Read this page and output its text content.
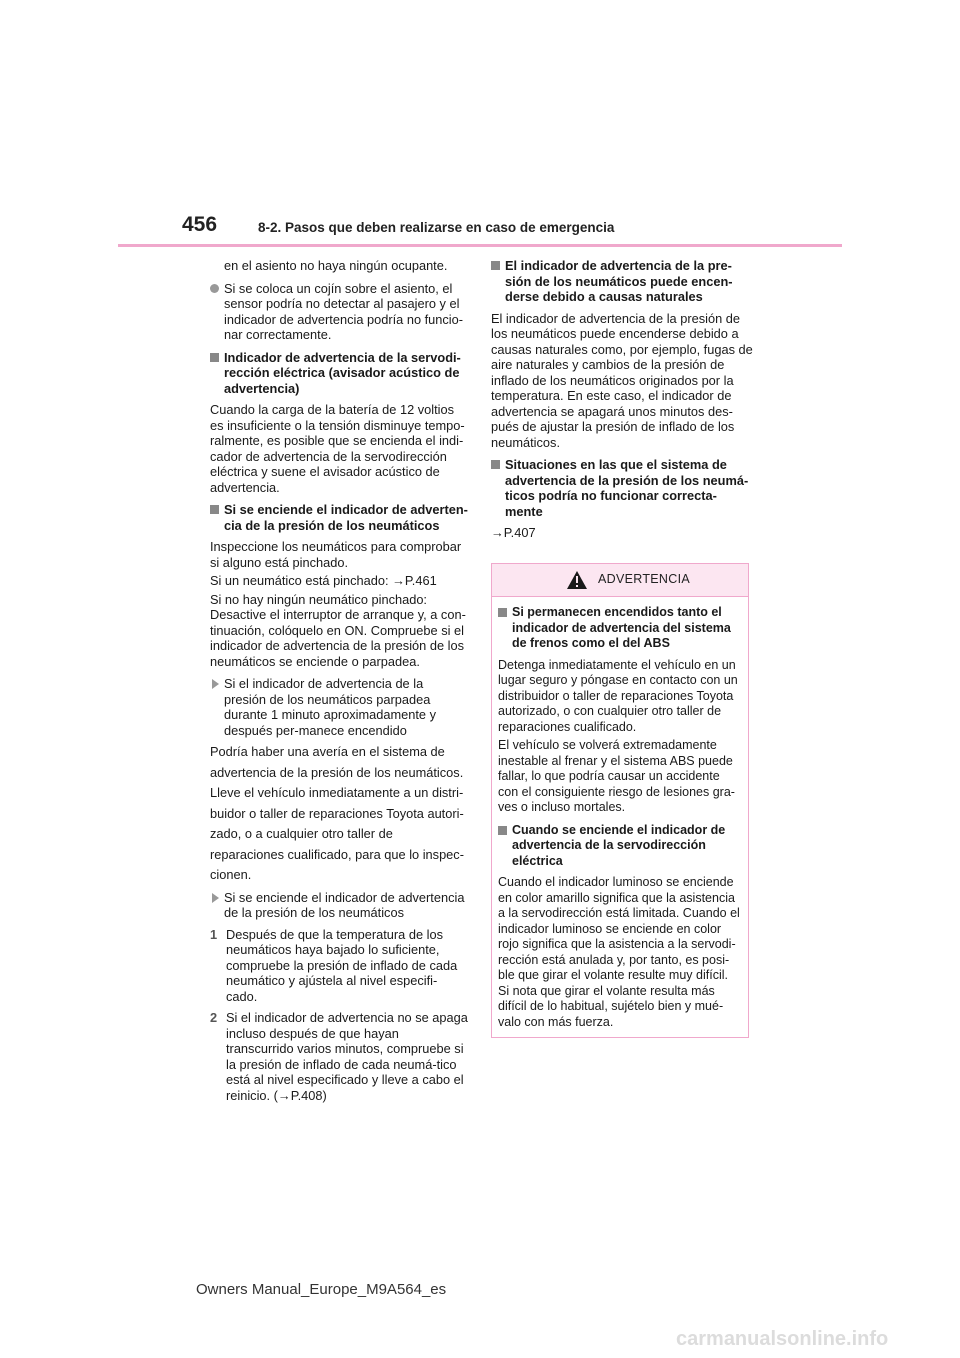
456	8-2. Pasos que deben realizarse en caso de emergencia

en el asiento no haya ningún ocupante.

Si se coloca un cojín sobre el asiento, el sensor podría no detectar al pasajero y el indicador de advertencia podría no funcio-nar correctamente.
Indicador de advertencia de la servodi-rección eléctrica (avisador acústico de advertencia)

Cuando la carga de la batería de 12 voltios es insuficiente o la tensión disminuye tempo-ralmente, es posible que se encienda el indi-cador de advertencia de la servodirección eléctrica y suene el avisador acústico de advertencia.

Si se enciende el indicador de adverten-cia de la presión de los neumáticos

Inspeccione los neumáticos para comprobar si alguno está pinchado.

Si un neumático está pinchado: →P.461

Si no hay ningún neumático pinchado: Desactive el interruptor de arranque y, a con-tinuación, colóquelo en ON. Compruebe si el indicador de advertencia de la presión de los neumáticos se enciende o parpadea.

Si el indicador de advertencia de la presión de los neumáticos parpadea durante 1 minuto aproximadamente y después per-manece encendido

Podría haber una avería en el sistema de

advertencia de la presión de los neumáticos.

Lleve el vehículo inmediatamente a un distri-

buidor o taller de reparaciones Toyota autori-

zado, o a cualquier otro taller de

reparaciones cualificado, para que lo inspec-

cionen.

Si se enciende el indicador de advertencia de la presión de los neumáticos
1 Después de que la temperatura de los neumáticos haya bajado lo suficiente, compruebe la presión de inflado de cada neumático y ajústela al nivel especifi-cado.
2 Si el indicador de advertencia no se apaga incluso después de que hayan transcurrido varios minutos, compruebe si la presión de inflado de cada neumá-tico está al nivel especificado y lleve a cabo el reinicio. (→P.408)
El indicador de advertencia de la pre-sión de los neumáticos puede encen-derse debido a causas naturales

El indicador de advertencia de la presión de los neumáticos puede encenderse debido a causas naturales como, por ejemplo, fugas de aire naturales y cambios de la presión de inflado de los neumáticos originados por la temperatura. En este caso, el indicador de advertencia se apagará unos minutos des-pués de ajustar la presión de inflado de los neumáticos.

Situaciones en las que el sistema de advertencia de la presión de los neumá-ticos podría no funcionar correcta-mente

→P.407

ADVERTENCIA
Si permanecen encendidos tanto el indicador de advertencia del sistema de frenos como el del ABS

Detenga inmediatamente el vehículo en un lugar seguro y póngase en contacto con un distribuidor o taller de reparaciones Toyota autorizado, o con cualquier otro taller de reparaciones cualificado.

El vehículo se volverá extremadamente inestable al frenar y el sistema ABS puede fallar, lo que podría causar un accidente con el consiguiente riesgo de lesiones gra-ves o incluso mortales.

Cuando se enciende el indicador de advertencia de la servodirección eléctrica

Cuando el indicador luminoso se enciende en color amarillo significa que la asistencia a la servodirección está limitada. Cuando el indicador luminoso se enciende en color rojo significa que la asistencia a la servodi-rección está anulada y, por tanto, es posi-ble que girar el volante resulte muy difícil. Si nota que girar el volante resulta más difícil de lo habitual, sujételo bien y mué-valo con más fuerza.

Owners Manual_Europe_M9A564_es
carmanualsonline.info
